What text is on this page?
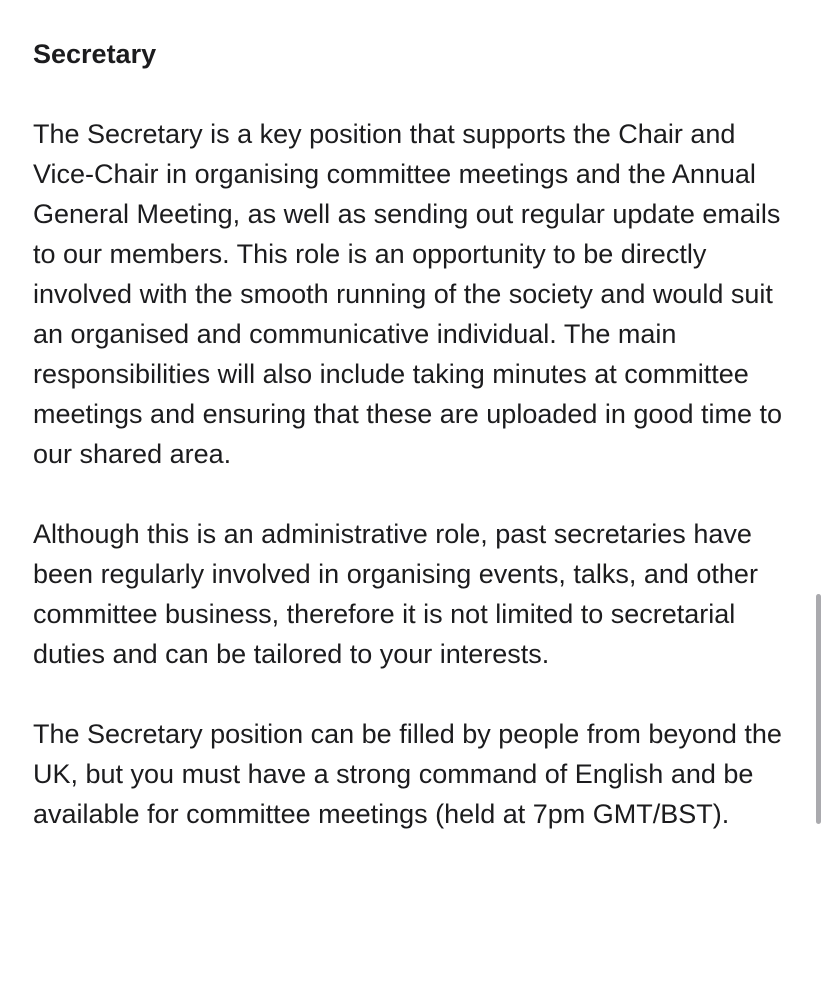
Secretary

The Secretary is a key position that supports the Chair and Vice-Chair in organising committee meetings and the Annual General Meeting, as well as sending out regular update emails to our members. This role is an opportunity to be directly involved with the smooth running of the society and would suit an organised and communicative individual. The main responsibilities will also include taking minutes at committee meetings and ensuring that these are uploaded in good time to our shared area.

Although this is an administrative role, past secretaries have been regularly involved in organising events, talks, and other committee business, therefore it is not limited to secretarial duties and can be tailored to your interests.

The Secretary position can be filled by people from beyond the UK, but you must have a strong command of English and be available for committee meetings (held at 7pm GMT/BST).
